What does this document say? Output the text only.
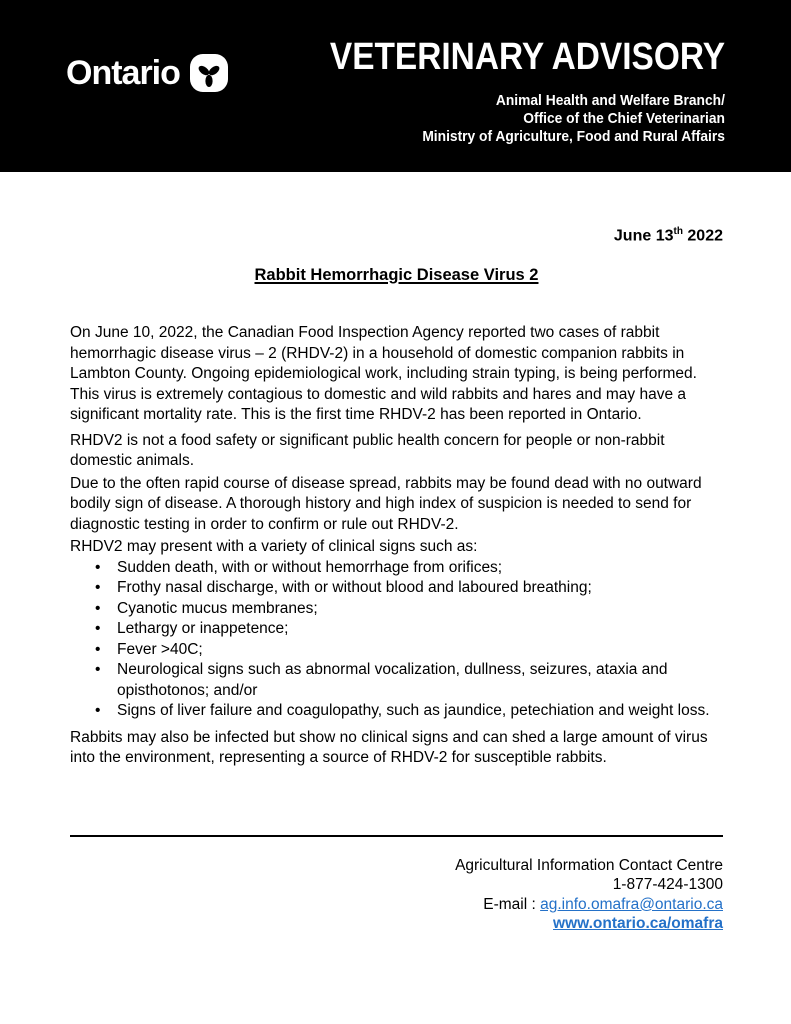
Ontario	VETERINARY ADVISORY

Animal Health and Welfare Branch/
Office of the Chief Veterinarian
Ministry of Agriculture, Food and Rural Affairs
June 13th 2022
Rabbit Hemorrhagic Disease Virus 2

On June 10, 2022, the Canadian Food Inspection Agency reported two cases of rabbit hemorrhagic disease virus – 2 (RHDV-2) in a household of domestic companion rabbits in Lambton County. Ongoing epidemiological work, including strain typing, is being performed. This virus is extremely contagious to domestic and wild rabbits and hares and may have a significant mortality rate. This is the first time RHDV-2 has been reported in Ontario.

RHDV2 is not a food safety or significant public health concern for people or non-rabbit domestic animals.

Due to the often rapid course of disease spread, rabbits may be found dead with no outward bodily sign of disease. A thorough history and high index of suspicion is needed to send for diagnostic testing in order to confirm or rule out RHDV-2.

RHDV2 may present with a variety of clinical signs such as:

• Sudden death, with or without hemorrhage from orifices;
• Frothy nasal discharge, with or without blood and laboured breathing;
• Cyanotic mucus membranes;
• Lethargy or inappetence;
• Fever >40C;
• Neurological signs such as abnormal vocalization, dullness, seizures, ataxia and opisthotonos; and/or
• Signs of liver failure and coagulopathy, such as jaundice, petechiation and weight loss.

Rabbits may also be infected but show no clinical signs and can shed a large amount of virus into the environment, representing a source of RHDV-2 for susceptible rabbits.

Agricultural Information Contact Centre
1-877-424-1300
E-mail : ag.info.omafra@ontario.ca
www.ontario.ca/omafra
